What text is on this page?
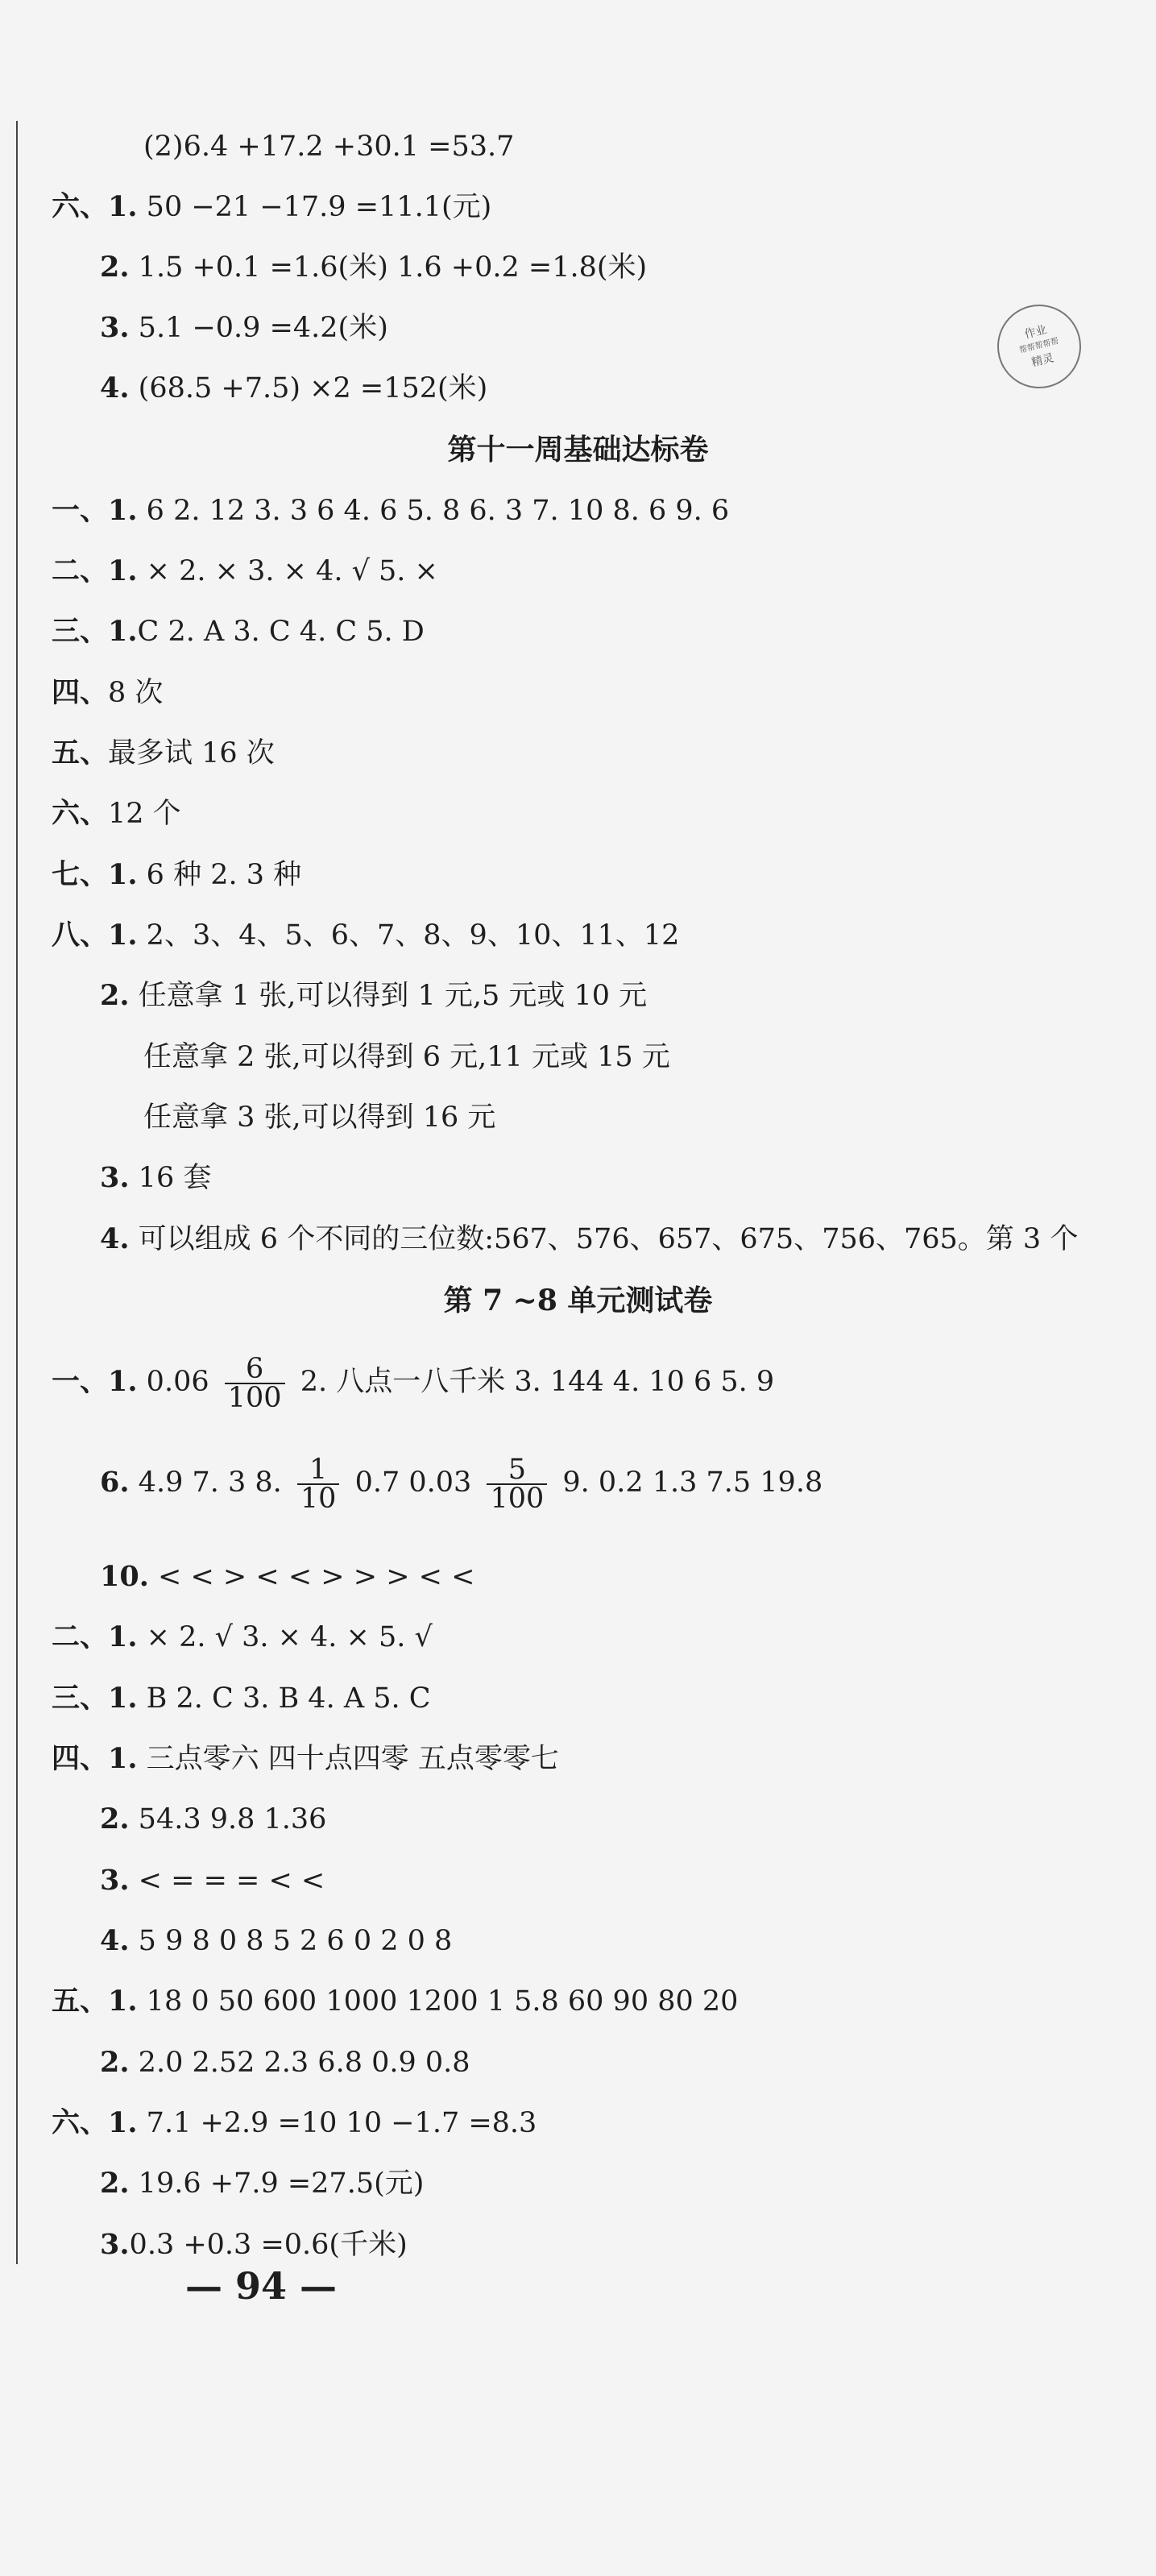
作业
帮帮帮帮帮
精灵
(2)6.4 +17.2 +30.1 =53.7
六、1. 50 −21 −17.9 =11.1(元)
2. 1.5 +0.1 =1.6(米) 1.6 +0.2 =1.8(米)
3. 5.1 −0.9 =4.2(米)
4. (68.5 +7.5) ×2 =152(米)
第十一周基础达标卷
一、1. 6 2. 12 3. 3 6 4. 6 5. 8 6. 3 7. 10 8. 6 9. 6
二、1. × 2. × 3. × 4. √ 5. ×
三、1.C 2. A 3. C 4. C 5. D
四、8 次
五、最多试 16 次
六、12 个
七、1. 6 种 2. 3 种
八、1. 2、3、4、5、6、7、8、9、10、11、12
2. 任意拿 1 张,可以得到 1 元,5 元或 10 元
任意拿 2 张,可以得到 6 元,11 元或 15 元
任意拿 3 张,可以得到 16 元
3. 16 套
4. 可以组成 6 个不同的三位数:567、576、657、675、756、765。第 3 个
第 7 ~8 单元测试卷
一、1. $0.06 \frac{6}{100} 2$. 八点一八千米 3. 144 4. 10 6 5. 9
6. 4.9 7. 3 8. $\frac{1}{10} 0.7$ $0.03 \frac{5}{100} 9$. 0.2 1.3 7.5 19.8
10. < < > < < > > > < <
二、1. × 2. √ 3. × 4. × 5. √
三、1. B 2. C 3. B 4. A 5. C
四、1. 三点零六 四十点四零 五点零零七
2. 54.3 9.8 1.36
3. < = = = < <
4. 5 9 8 0 8 5 2 6 0 2 0 8
五、1. 18 0 50 600 1000 1200 1 5.8 60 90 80 20
2. 2.0 2.52 2.3 6.8 0.9 0.8
六、1. 7.1 +2.9 =10 10 −1.7 =8.3
2. 19.6 +7.9 =27.5(元)
3.0.3 +0.3 =0.6(千米)
— 94 —
